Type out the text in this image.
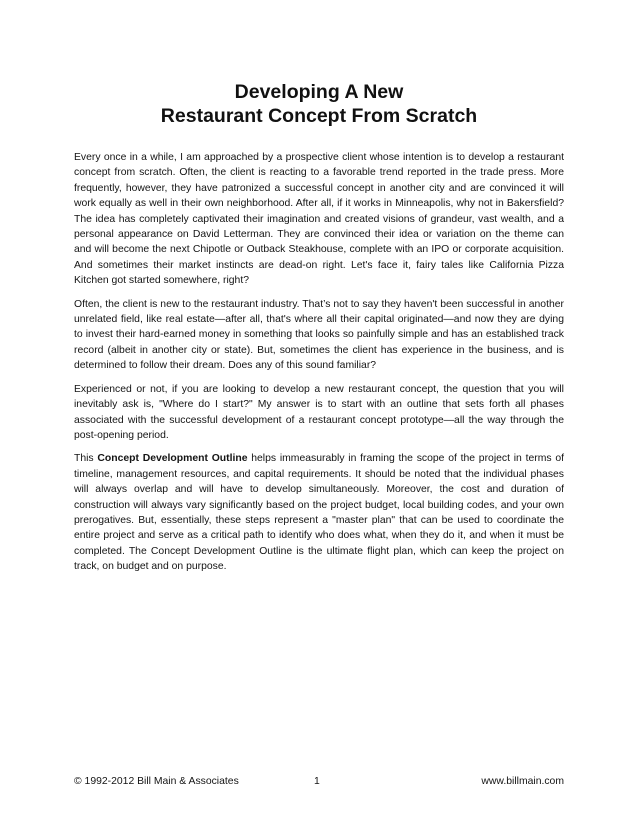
Developing A New
Restaurant Concept From Scratch

Every once in a while, I am approached by a prospective client whose intention is to develop a restaurant concept from scratch. Often, the client is reacting to a favorable trend reported in the trade press. More frequently, however, they have patronized a successful concept in another city and are convinced it will work equally as well in their own neighborhood. After all, if it works in Minneapolis, why not in Bakersfield? The idea has completely captivated their imagination and created visions of grandeur, vast wealth, and a personal appearance on David Letterman. They are convinced their idea or variation on the theme can and will become the next Chipotle or Outback Steakhouse, complete with an IPO or corporate acquisition. And sometimes their market instincts are dead-on right. Let's face it, fairy tales like California Pizza Kitchen got started somewhere, right?

Often, the client is new to the restaurant industry. That’s not to say they haven't been successful in another unrelated field, like real estate—after all, that's where all their capital originated—and now they are dying to invest their hard-earned money in something that looks so painfully simple and has an established track record (albeit in another city or state). But, sometimes the client has experience in the business, and is determined to follow their dream. Does any of this sound familiar?

Experienced or not, if you are looking to develop a new restaurant concept, the question that you will inevitably ask is, "Where do I start?" My answer is to start with an outline that sets forth all phases associated with the successful development of a restaurant concept prototype—all the way through the post-opening period.

This Concept Development Outline helps immeasurably in framing the scope of the project in terms of timeline, management resources, and capital requirements. It should be noted that the individual phases will always overlap and will have to develop simultaneously. Moreover, the cost and duration of construction will always vary significantly based on the project budget, local building codes, and your own prerogatives. But, essentially, these steps represent a "master plan" that can be used to coordinate the entire project and serve as a critical path to identify who does what, when they do it, and when it must be completed. The Concept Development Outline is the ultimate flight plan, which can keep the project on track, on budget and on purpose.

© 1992-2012 Bill Main & Associates	1	www.billmain.com
